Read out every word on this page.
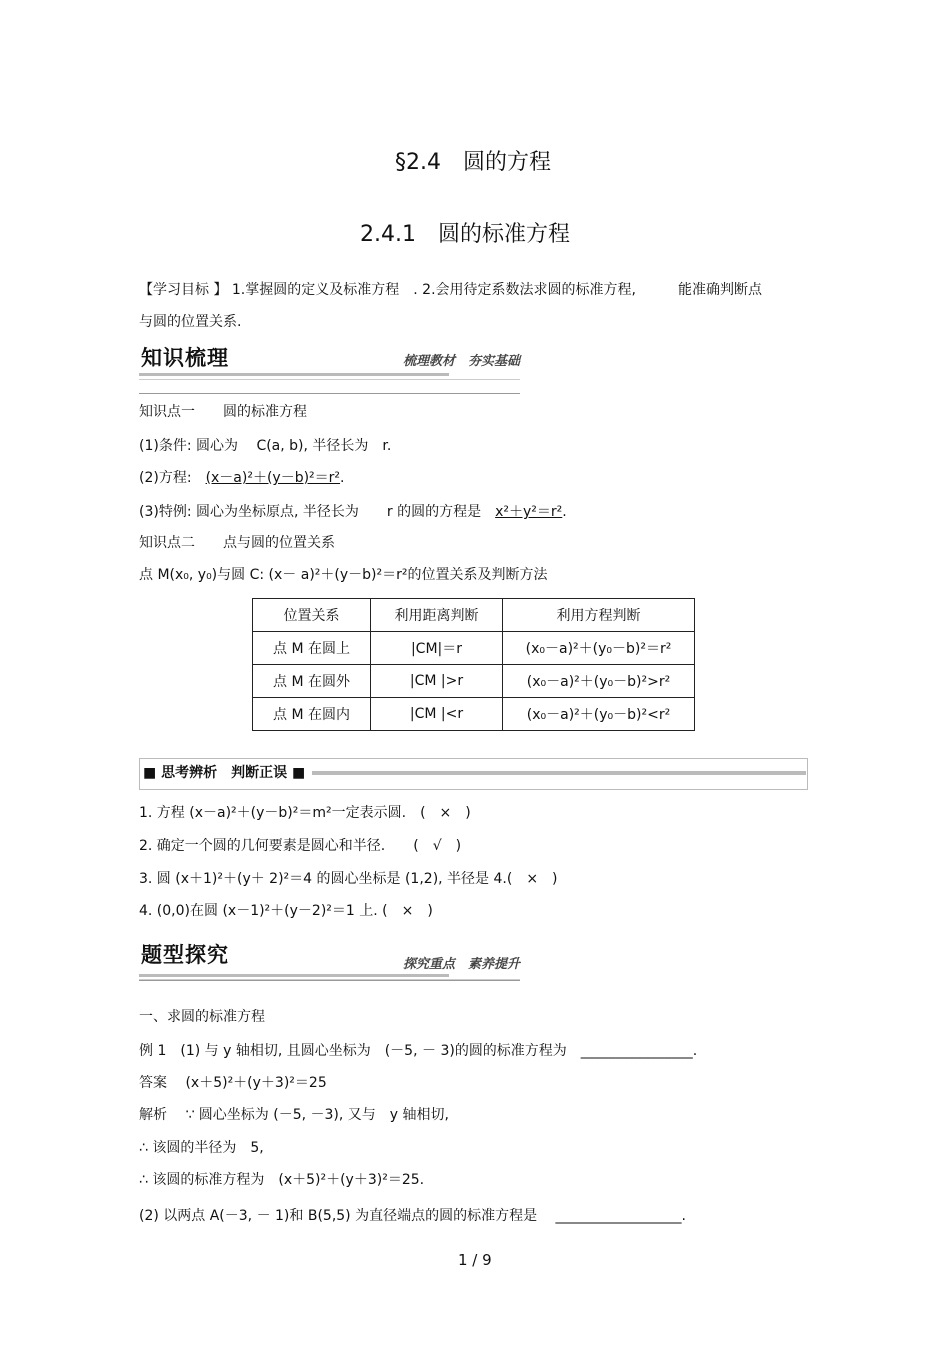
§2.4　圆的方程
2.4.1　圆的标准方程
【学习目标 】 1.掌握圆的定义及标准方程　. 2.会用待定系数法求圆的标准方程,　　　能准确判断点
与圆的位置关系.
知识梳理	梳理教材　夯实基础
知识点一　　圆的标准方程
(1)条件: 圆心为　 C(a, b), 半径长为　r.
(2)方程:　(x－a)²＋(y－b)²＝r².
(3)特例: 圆心为坐标原点, 半径长为　　r 的圆的方程是　x²＋y²＝r².
知识点二　　点与圆的位置关系
点 M(x₀, y₀)与圆 C: (x－ a)²＋(y－b)²＝r²的位置关系及判断方法
位置关系	利用距离判断	利用方程判断
点 M 在圆上	|CM|＝r	(x₀－a)²＋(y₀－b)²＝r²
点 M 在圆外	|CM |>r	(x₀－a)²＋(y₀－b)²>r²
点 M 在圆内	|CM |<r	(x₀－a)²＋(y₀－b)²<r²
■ 思考辨析　判断正误 ■
1. 方程 (x－a)²＋(y－b)²＝m²一定表示圆.　(　×　)
2. 确定一个圆的几何要素是圆心和半径.　　(　√　)
3. 圆 (x＋1)²＋(y＋ 2)²＝4 的圆心坐标是 (1,2), 半径是 4.(　×　)
4. (0,0)在圆 (x－1)²＋(y－2)²＝1 上. (　×　)
题型探究	探究重点　素养提升
一、求圆的标准方程
例 1　(1) 与 y 轴相切, 且圆心坐标为　(－5, － 3)的圆的标准方程为　________________.
答案　 (x＋5)²＋(y＋3)²＝25
解析　 ∵ 圆心坐标为 (－5, －3), 又与　y 轴相切,
∴ 该圆的半径为　5,
∴ 该圆的标准方程为　(x＋5)²＋(y＋3)²＝25.
(2) 以两点 A(－3, － 1)和 B(5,5) 为直径端点的圆的标准方程是　 __________________.
1 / 9
